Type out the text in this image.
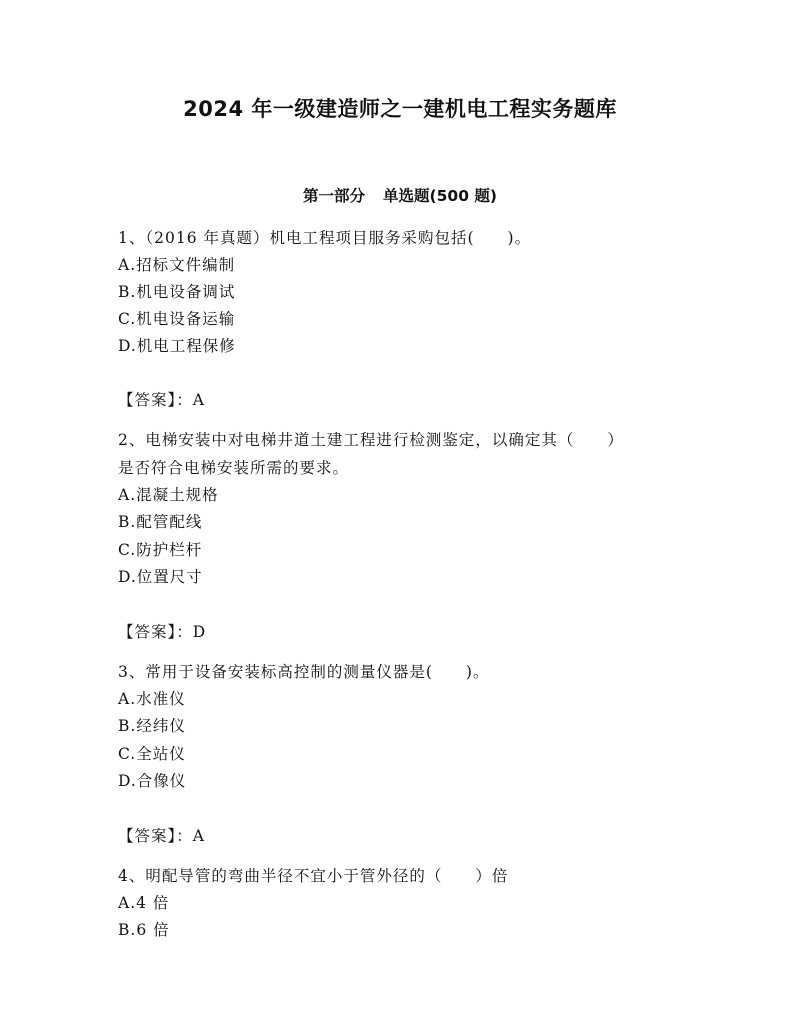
2024 年一级建造师之一建机电工程实务题库
第一部分 单选题(500 题)
1、（2016 年真题）机电工程项目服务采购包括(　　)。
A.招标文件编制
B.机电设备调试
C.机电设备运输
D.机电工程保修
【答案】：A
2、电梯安装中对电梯井道土建工程进行检测鉴定，以确定其（　　）
是否符合电梯安装所需的要求。
A.混凝土规格
B.配管配线
C.防护栏杆
D.位置尺寸
【答案】：D
3、常用于设备安装标高控制的测量仪器是(　　)。
A.水准仪
B.经纬仪
C.全站仪
D.合像仪
【答案】：A
4、明配导管的弯曲半径不宜小于管外径的（　　）倍
A.4 倍
B.6 倍
